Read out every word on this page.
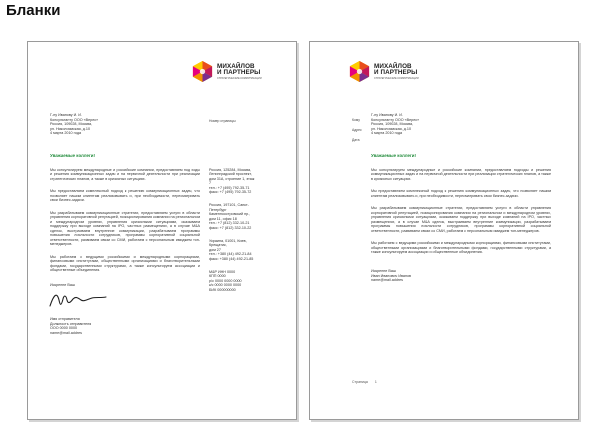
Бланки
МИХАЙЛОВ
И ПАРТНЕРЫ
СТРАТЕГИЧЕСКИЕ КОММУНИКАЦИИ
Г-ну Иванову И. И.
Консультанту ООО «Верес»
Россия, 109028, Москва,
ул. Николоямская, д.10
4 марта 2010 года
Номер страницы
Уважаемые коллеги!

Мы консультируем международные и российские компании, предоставляем под ходы и решения коммуникационных задач и на первичной деятельности при реализации стратегических планов, а также в кризисных ситуациях.

Мы предоставляем комплексный подход к решению коммуникационных задач, что позволяет нашим клиентам реализовывать и, при необходимости, пересматривать свои бизнес-задачи.

Мы разрабатываем коммуникационные стратегии, предоставляем услуги в области управления корпоративной репутацией, позиционирования компании на региональном и международном уровнях, управления кризисными ситуациями, оказываем поддержку при выходе компаний на IPO, частных размещениях, а в случае M&A сделок, выстраиваем внутренние коммуникации, разрабатываем программы повышения лояльности сотрудников, программы корпоративной социальной ответственности, развиваем связи со СМИ, работаем с персональным имиджем топ-менеджеров.

Мы работаем с ведущими российскими и международными корпорациями, финансовыми институтами, общественными организациями и благотворительными фондами, государственными структурами, а также консультируем ассоциации и общественные объединения.

Россия, 125284, Москва,
Ленинградский проспект,
дом 31А, строение 1, этаж 7
тел.: +7 (495) 792-35-71
факс: +7 (495) 792-35-72

Россия, 197101, Санкт-Петербург
Каменноостровский пр.,
дом 11, офис 18
тел.: +7 (812) 332-10-21
факс: +7 (812) 332-10-22

Украина, 01001, Киев,
Крещатик,
дом 27
тел.: +380 (44) 492-21-84
факс: +380 (44) 492-21-85

M&P ИНН 0000
КПП 0000
р/с 0000 0000 0000
к/с 0000 0000 0000
БИК 000000000

Искренне Ваш
Имя отправителя
Должность отправителя
ООО 0000 0000
name@mail.addres
МИХАЙЛОВ
И ПАРТНЕРЫ
СТРАТЕГИЧЕСКИЕ КОММУНИКАЦИИ
Кому
Адрес
Дата
Г-ну Иванову И. И.
Консультанту ООО «Верес»
Россия, 109028, Москва,
ул. Николоямская, д.10
4 марта 2010 года
Уважаемые коллеги!

Мы консультируем международные и российские компании, предоставляем подходы и решения коммуникационных задач и на первичной деятельности при реализации стратегических планов, а также в кризисных ситуациях.

Мы предоставляем комплексный подход к решению коммуникационных задач, что позволяет нашим клиентам реализовывать и, при необходимости, пересматривать свои бизнес-задачи.

Мы разрабатываем коммуникационные стратегии, предоставляем услуги в области управления корпоративной репутацией, позиционирования компании на региональном и международном уровнях, управления кризисными ситуациями, оказываем поддержку при выходе компаний на IPO, частных размещениях, а в случае M&A сделок, выстраиваем внутренние коммуникации, разрабатываем программы повышения лояльности сотрудников, программы корпоративной социальной ответственности, развиваем связи со СМИ, работаем с персональным имиджем топ-менеджеров.

Мы работаем с ведущими российскими и международными корпорациями, финансовыми институтами, общественными организациями и благотворительными фондами, государственными структурами, а также консультируем ассоциации и общественные объединения.

Искренне Ваш
Иван Иванович Иванов
name@mail.addres
Страница 1
